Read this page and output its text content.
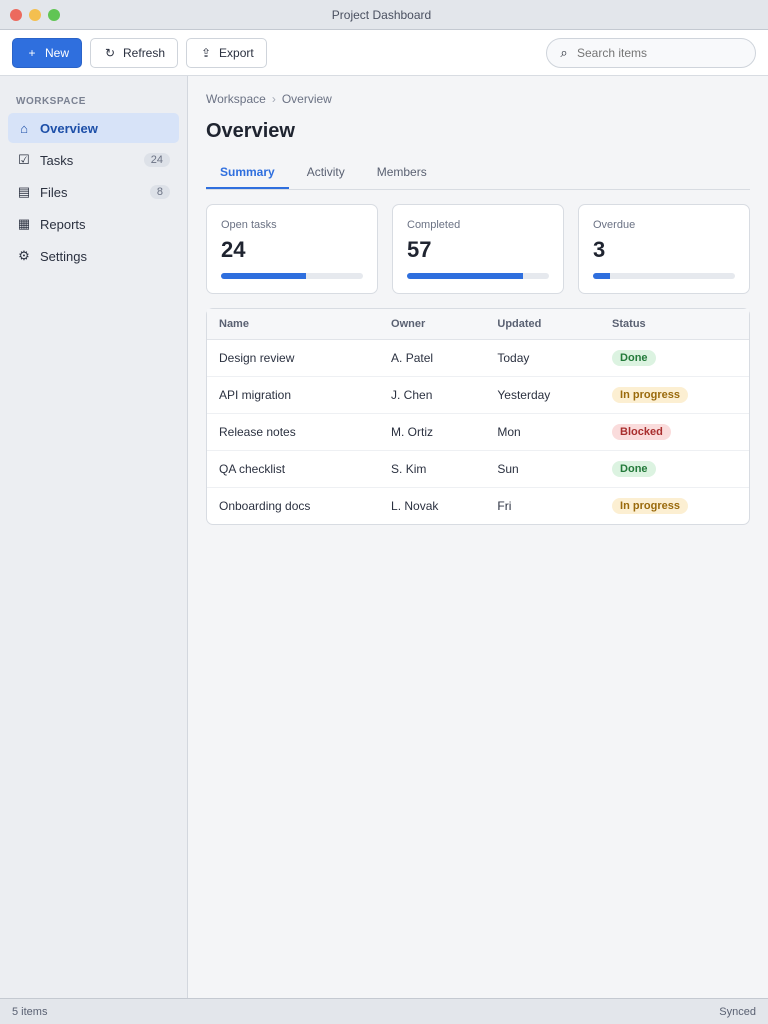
Project Dashboard
+ New	↻ Refresh	⇪ Export	⌕
Search items
WORKSPACE
⌂ Overview
☑ Tasks	24
▤ Files	8
▦ Reports
⚙ Settings
Workspace › Overview
Overview
Summary	Activity	Members
Open tasks
24
Completed
57
Overdue
3
Name	Owner	Updated	Status
Design review	A. Patel	Today	Done
API migration	J. Chen	Yesterday	In progress
Release notes	M. Ortiz	Mon	Blocked
QA checklist	S. Kim	Sun	Done
Onboarding docs	L. Novak	Fri	In progress
5 items	Synced
